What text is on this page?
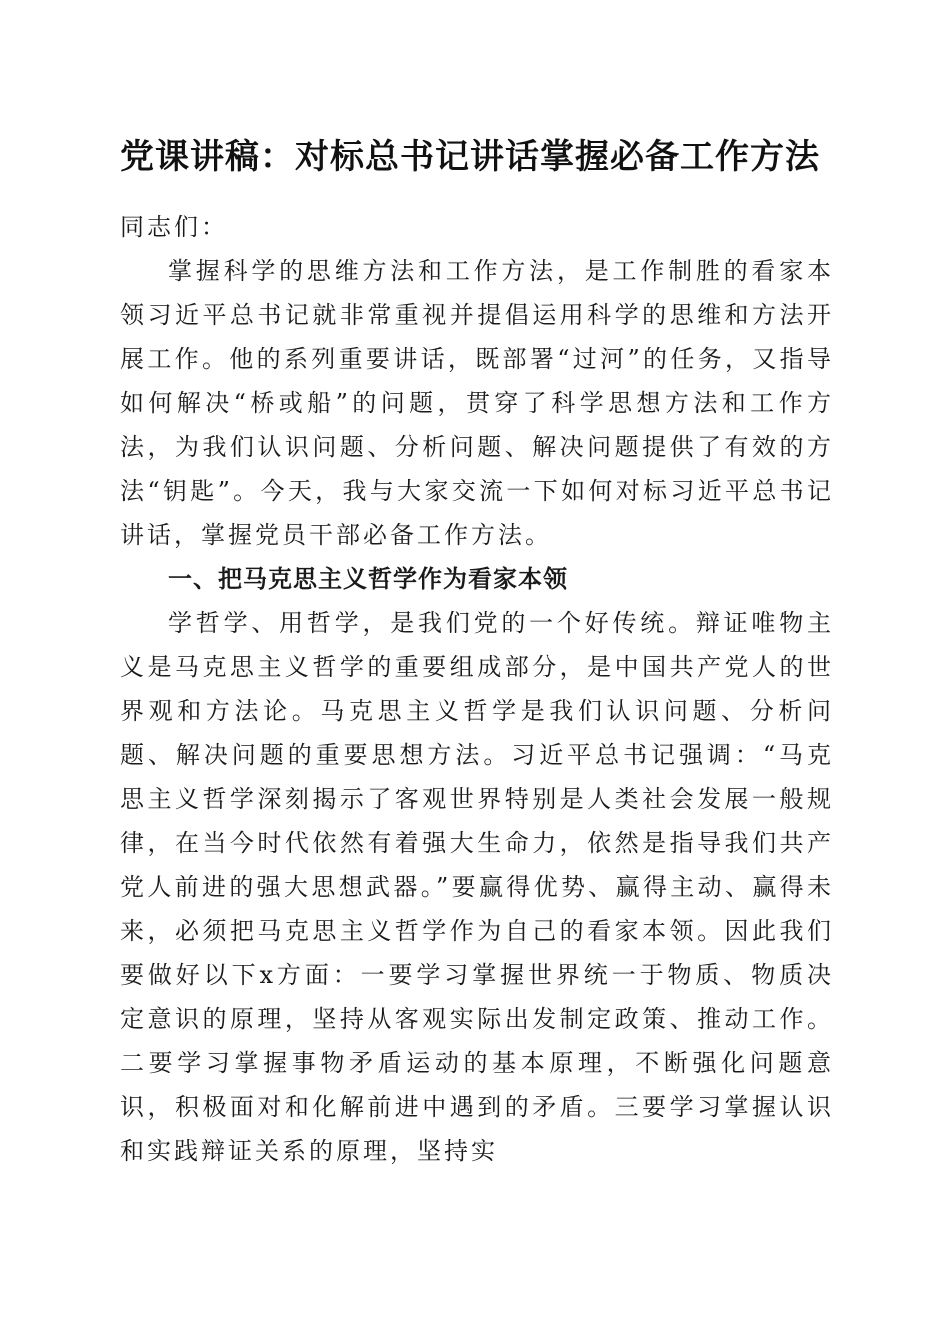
党课讲稿：对标总书记讲话掌握必备工作方法

同志们：

掌握科学的思维方法和工作方法，是工作制胜的看家本领习近平总书记就非常重视并提倡运用科学的思维和方法开展工作。他的系列重要讲话，既部署“过河”的任务，又指导如何解决“桥或船”的问题，贯穿了科学思想方法和工作方法，为我们认识问题、分析问题、解决问题提供了有效的方法“钥匙”。今天，我与大家交流一下如何对标习近平总书记讲话，掌握党员干部必备工作方法。

一、把马克思主义哲学作为看家本领

学哲学、用哲学，是我们党的一个好传统。辩证唯物主义是马克思主义哲学的重要组成部分，是中国共产党人的世界观和方法论。马克思主义哲学是我们认识问题、分析问题、解决问题的重要思想方法。习近平总书记强调：“马克思主义哲学深刻揭示了客观世界特别是人类社会发展一般规律，在当今时代依然有着强大生命力，依然是指导我们共产党人前进的强大思想武器。”要赢得优势、赢得主动、赢得未来，必须把马克思主义哲学作为自己的看家本领。因此我们要做好以下x方面：一要学习掌握世界统一于物质、物质决定意识的原理，坚持从客观实际出发制定政策、推动工作。二要学习掌握事物矛盾运动的基本原理，不断强化问题意识，积极面对和化解前进中遇到的矛盾。三要学习掌握认识和实践辩证关系的原理，坚持实
